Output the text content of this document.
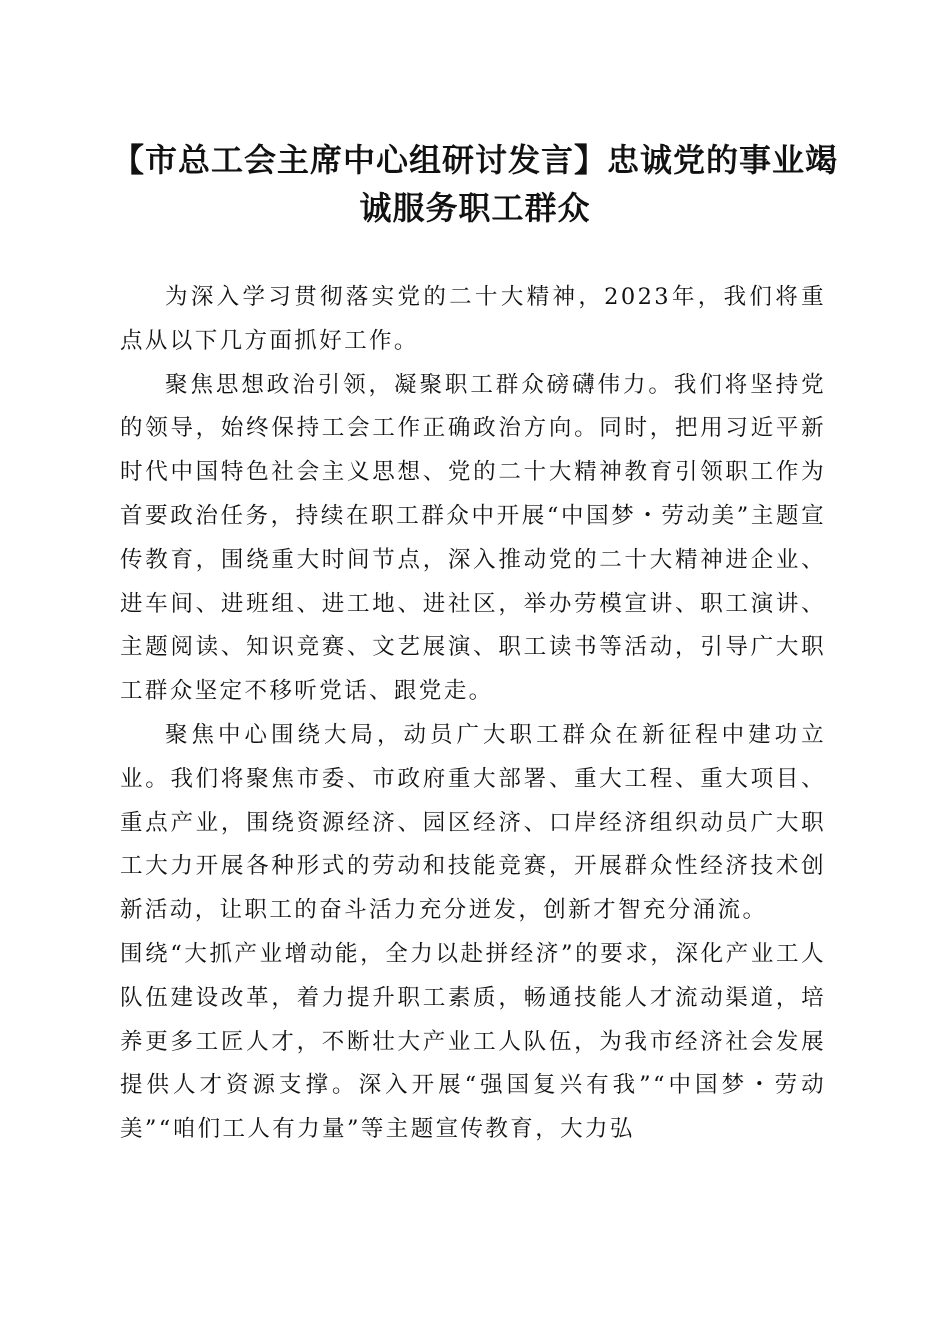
【市总工会主席中心组研讨发言】忠诚党的事业竭诚服务职工群众

为深入学习贯彻落实党的二十大精神，2023年，我们将重点从以下几方面抓好工作。

聚焦思想政治引领，凝聚职工群众磅礴伟力。我们将坚持党的领导，始终保持工会工作正确政治方向。同时，把用习近平新时代中国特色社会主义思想、党的二十大精神教育引领职工作为首要政治任务，持续在职工群众中开展“中国梦・劳动美”主题宣传教育，围绕重大时间节点，深入推动党的二十大精神进企业、进车间、进班组、进工地、进社区，举办劳模宣讲、职工演讲、主题阅读、知识竞赛、文艺展演、职工读书等活动，引导广大职工群众坚定不移听党话、跟党走。

聚焦中心围绕大局，动员广大职工群众在新征程中建功立业。我们将聚焦市委、市政府重大部署、重大工程、重大项目、重点产业，围绕资源经济、园区经济、口岸经济组织动员广大职工大力开展各种形式的劳动和技能竞赛，开展群众性经济技术创新活动，让职工的奋斗活力充分迸发，创新才智充分涌流。

围绕“大抓产业增动能，全力以赴拼经济”的要求，深化产业工人队伍建设改革，着力提升职工素质，畅通技能人才流动渠道，培养更多工匠人才，不断壮大产业工人队伍，为我市经济社会发展提供人才资源支撑。深入开展“强国复兴有我”“中国梦・劳动美”“咱们工人有力量”等主题宣传教育，大力弘
